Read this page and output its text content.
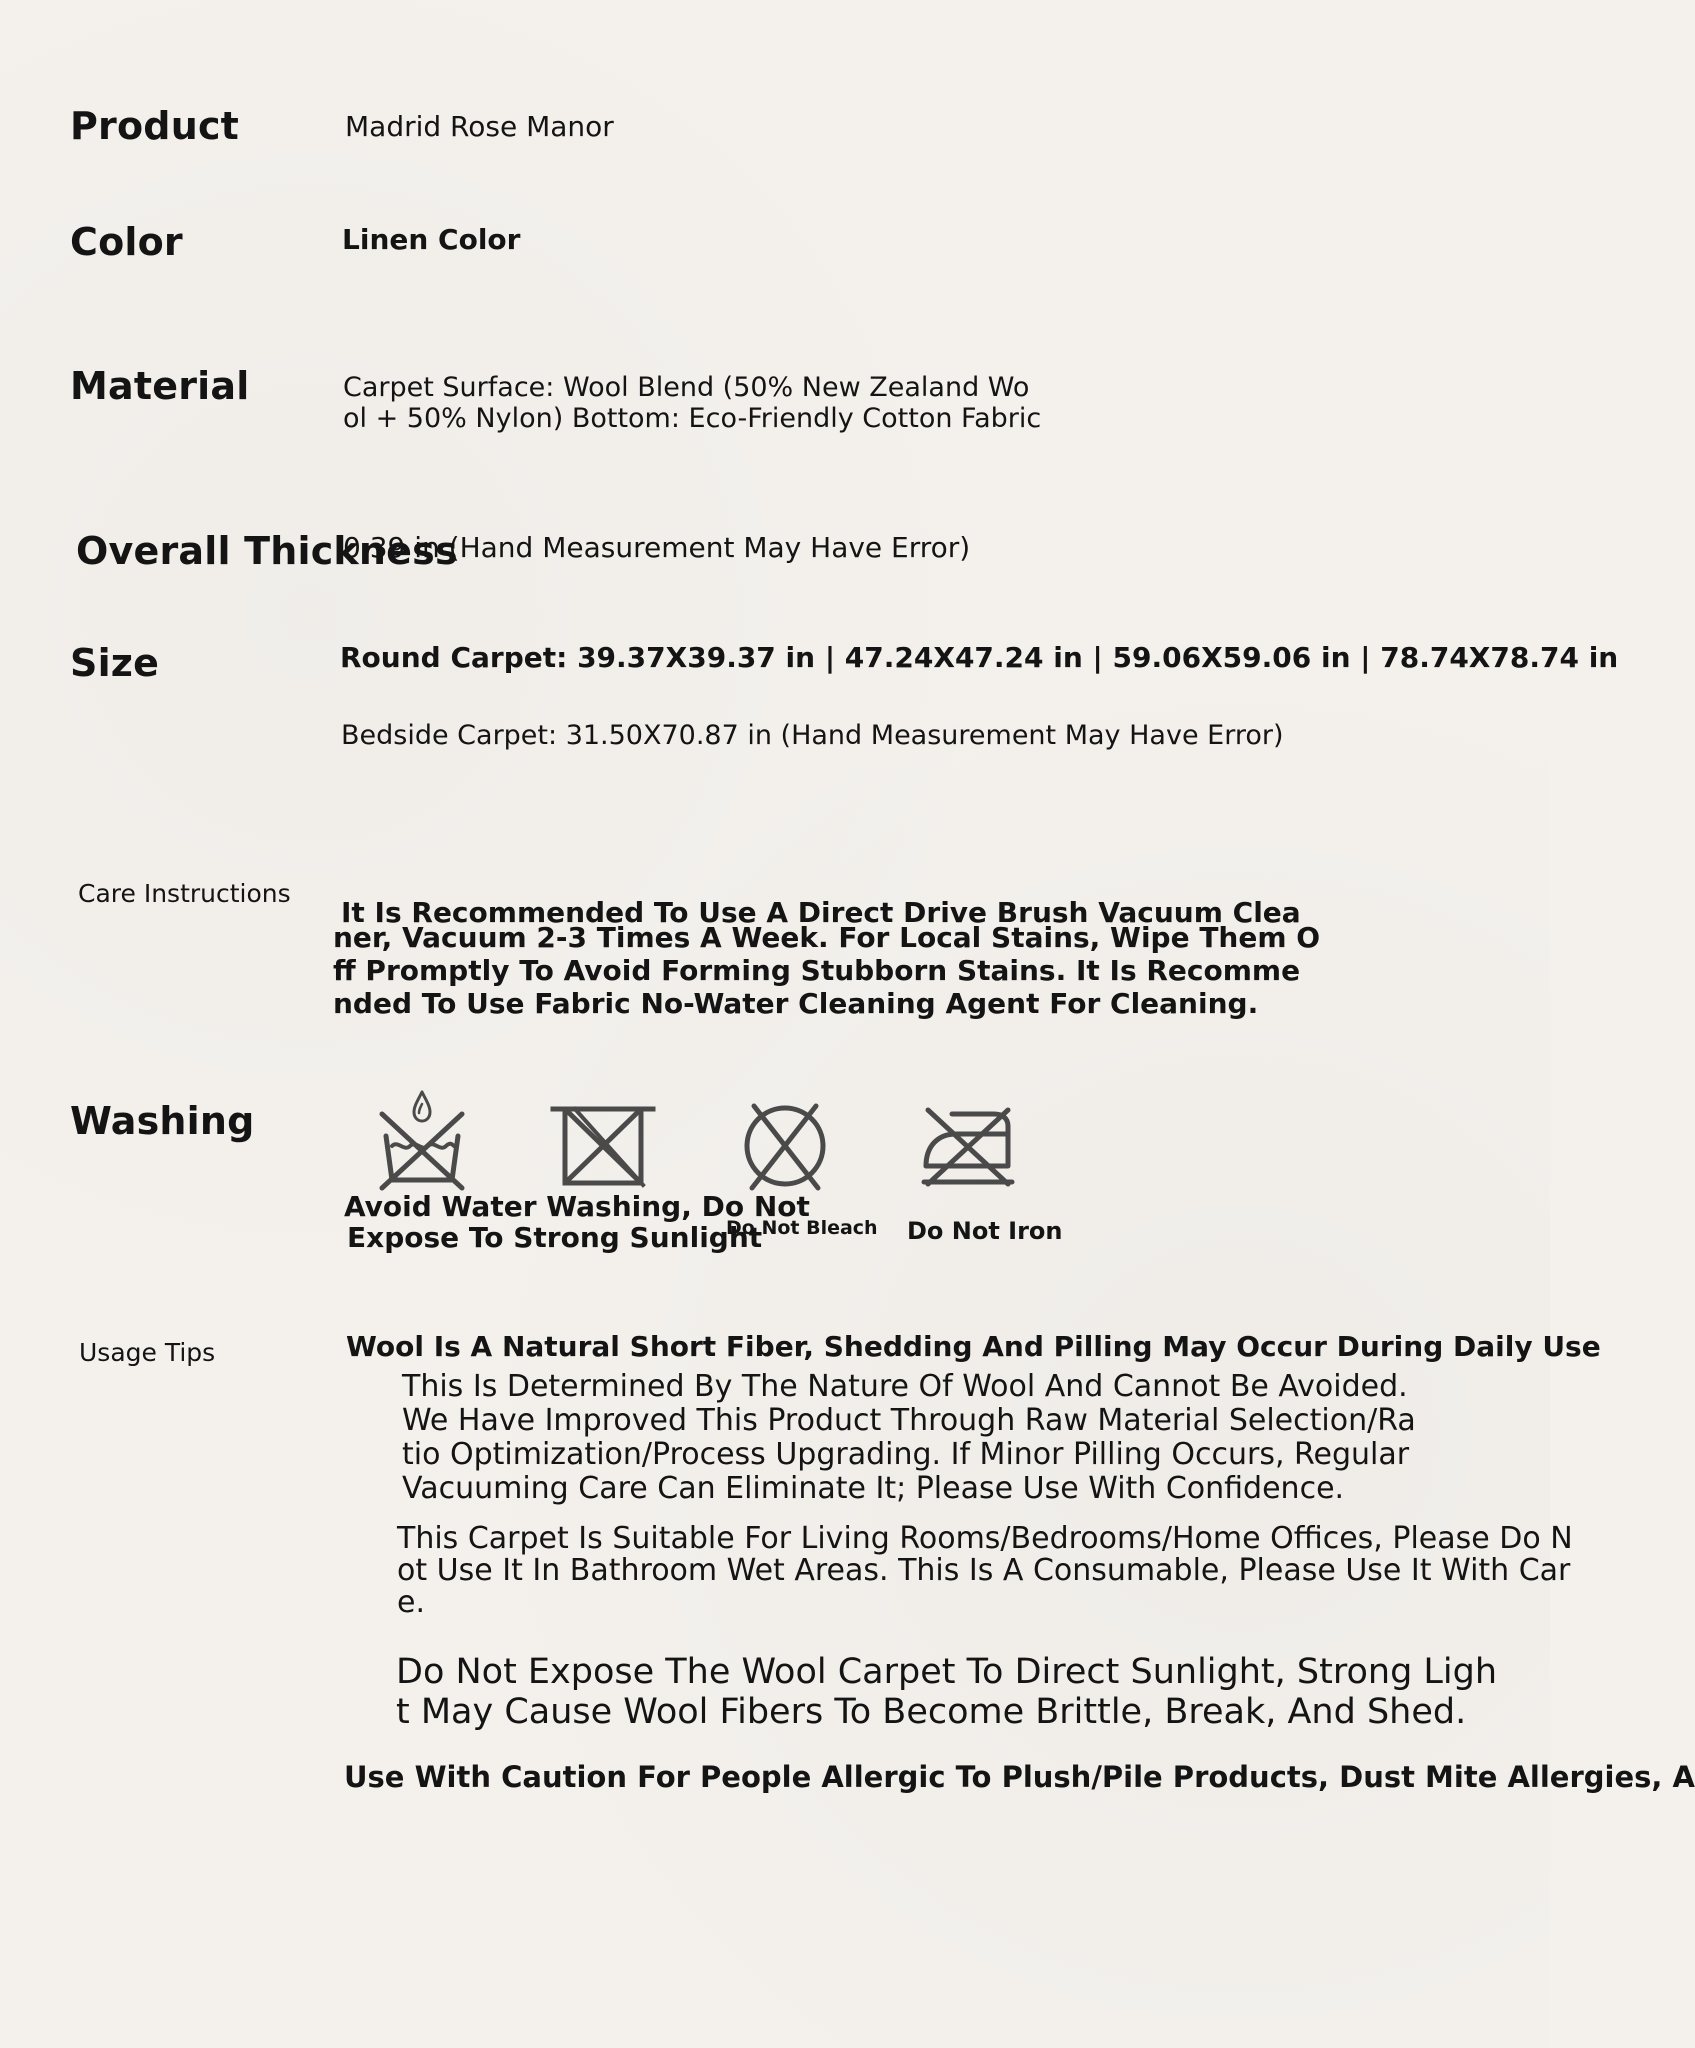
Product	Madrid Rose Manor
Color	Linen Color
Material	Carpet Surface: Wool Blend (50% New Zealand Wo
ol + 50% Nylon) Bottom: Eco-Friendly Cotton Fabric
Overall Thickness
0.39 in (Hand Measurement May Have Error)
Size	Round Carpet: 39.37X39.37 in | 47.24X47.24 in | 59.06X59.06 in | 78.74X78.74 in
Bedside Carpet: 31.50X70.87 in (Hand Measurement May Have Error)
Care Instructions
It Is Recommended To Use A Direct Drive Brush Vacuum Clea
ner, Vacuum 2-3 Times A Week. For Local Stains, Wipe Them O
ff Promptly To Avoid Forming Stubborn Stains. It Is Recomme
nded To Use Fabric No-Water Cleaning Agent For Cleaning.
Washing
Avoid Water Washing, Do Not
Expose To Strong Sunlight
Do Not Bleach Do Not Iron
Usage Tips	Wool Is A Natural Short Fiber, Shedding And Pilling May Occur During Daily Use
This Is Determined By The Nature Of Wool And Cannot Be Avoided.
We Have Improved This Product Through Raw Material Selection/Ra
tio Optimization/Process Upgrading. If Minor Pilling Occurs, Regular
Vacuuming Care Can Eliminate It; Please Use With Confidence.
This Carpet Is Suitable For Living Rooms/Bedrooms/Home Offices, Please Do N
ot Use It In Bathroom Wet Areas. This Is A Consumable, Please Use It With Car
e.
Do Not Expose The Wool Carpet To Direct Sunlight, Strong Ligh
t May Cause Wool Fibers To Become Brittle, Break, And Shed.
Use With Caution For People Allergic To Plush/Pile Products, Dust Mite Allergies, A
